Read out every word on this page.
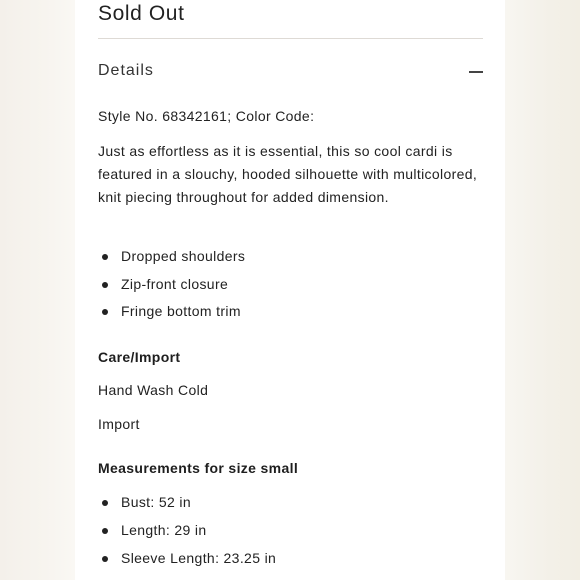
Sold Out
Details
Style No. 68342161; Color Code:
Just as effortless as it is essential, this so cool cardi is featured in a slouchy, hooded silhouette with multicolored, knit piecing throughout for added dimension.
Dropped shoulders
Zip-front closure
Fringe bottom trim
Care/Import
Hand Wash Cold
Import
Measurements for size small
Bust: 52 in
Length: 29 in
Sleeve Length: 23.25 in
